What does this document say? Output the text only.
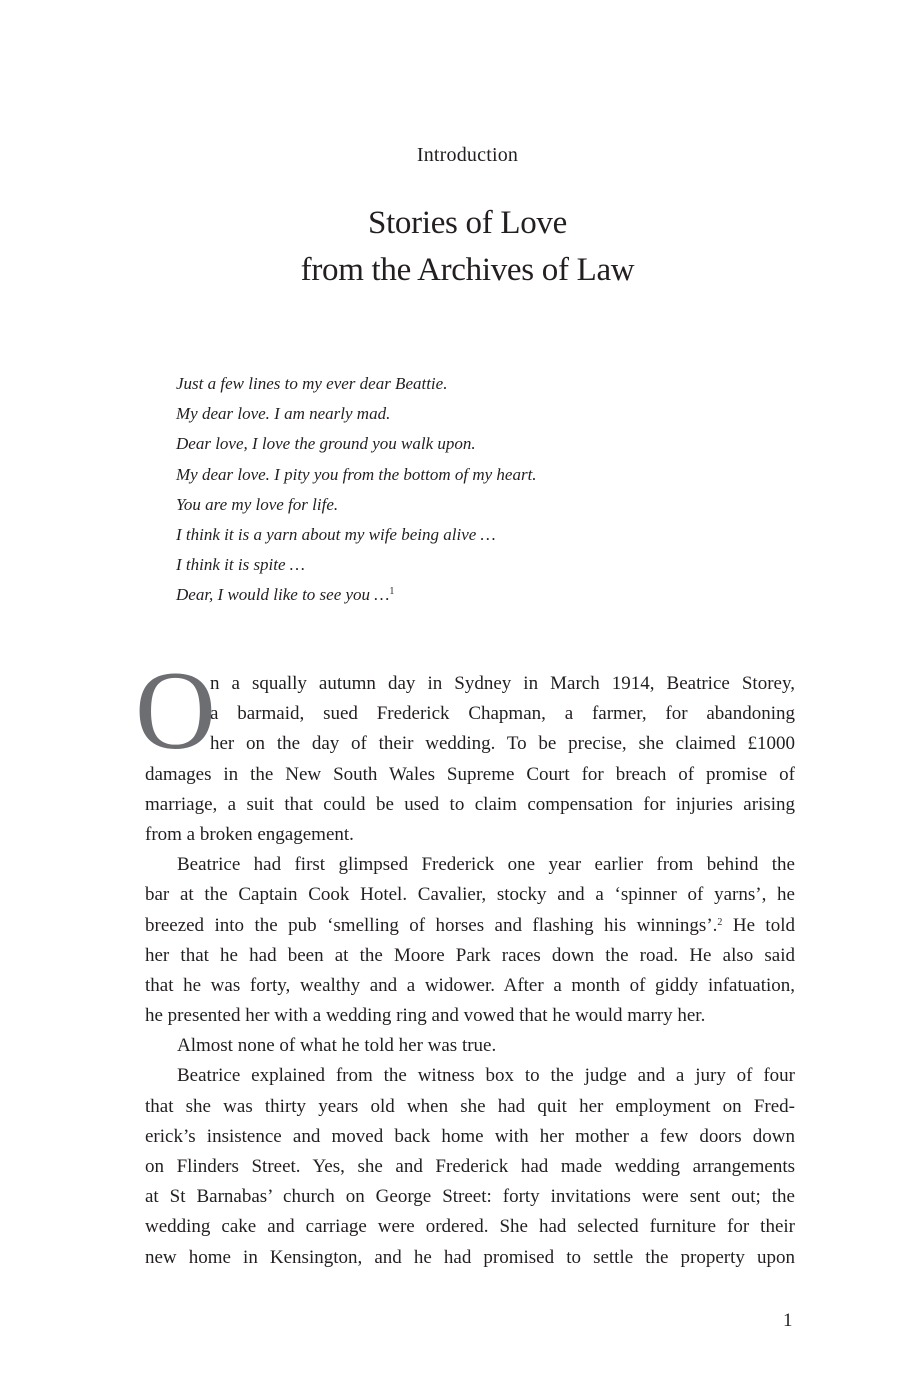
Introduction
Stories of Love
from the Archives of Law
Just a few lines to my ever dear Beattie.
My dear love. I am nearly mad.
Dear love, I love the ground you walk upon.
My dear love. I pity you from the bottom of my heart.
You are my love for life.
I think it is a yarn about my wife being alive …
I think it is spite …
Dear, I would like to see you …$^1$
O
n a squally autumn day in Sydney in March 1914, Beatrice Storey,
a barmaid, sued Frederick Chapman, a farmer, for abandoning
her on the day of their wedding. To be precise, she claimed £1000
damages in the New South Wales Supreme Court for breach of promise of
marriage, a suit that could be used to claim compensation for injuries arising
from a broken engagement.
Beatrice had first glimpsed Frederick one year earlier from behind the
bar at the Captain Cook Hotel. Cavalier, stocky and a ‘spinner of yarns’, he
breezed into the pub ‘smelling of horses and flashing his winnings’.$^2$ He told
her that he had been at the Moore Park races down the road. He also said
that he was forty, wealthy and a widower. After a month of giddy infatuation,
he presented her with a wedding ring and vowed that he would marry her.
Almost none of what he told her was true.
Beatrice explained from the witness box to the judge and a jury of four
that she was thirty years old when she had quit her employment on Fred-
erick’s insistence and moved back home with her mother a few doors down
on Flinders Street. Yes, she and Frederick had made wedding arrangements
at St Barnabas’ church on George Street: forty invitations were sent out; the
wedding cake and carriage were ordered. She had selected furniture for their
new home in Kensington, and he had promised to settle the property upon
1
